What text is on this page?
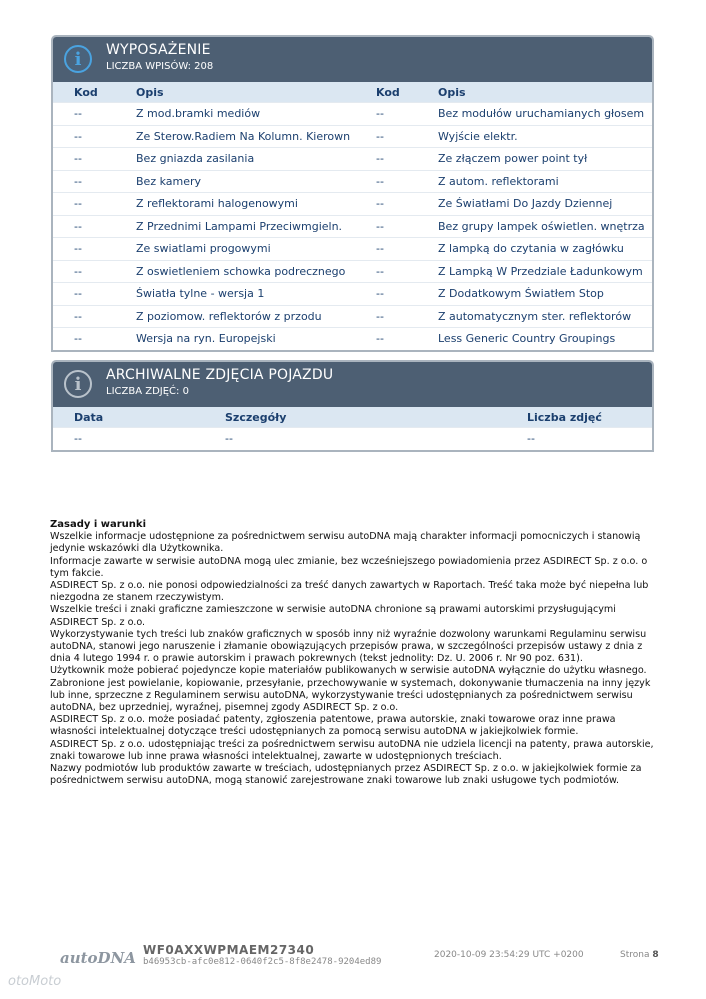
i	WYPOSAŻENIE
LICZBA WPISÓW: 208
Kod	Opis	Kod	Opis
--	Z mod.bramki mediów	--	Bez modułów uruchamianych głosem
--	Ze Sterow.Radiem Na Kolumn. Kierown	--	Wyjście elektr.
--	Bez gniazda zasilania	--	Ze złączem power point tył
--	Bez kamery	--	Z autom. reflektorami
--	Z reflektorami halogenowymi	--	Ze Światłami Do Jazdy Dziennej
--	Z Przednimi Lampami Przeciwmgieln.	--	Bez grupy lampek oświetlen. wnętrza
--	Ze swiatlami progowymi	--	Z lampką do czytania w zagłówku
--	Z oswietleniem schowka podrecznego	--	Z Lampką W Przedziale Ładunkowym
--	Światła tylne - wersja 1	--	Z Dodatkowym Światłem Stop
--	Z poziomow. reflektorów z przodu	--	Z automatycznym ster. reflektorów
--	Wersja na ryn. Europejski	--	Less Generic Country Groupings
i	ARCHIWALNE ZDJĘCIA POJAZDU
LICZBA ZDJĘĆ: 0
Data	Szczegóły	Liczba zdjęć
--	--	--
Zasady i warunki

Wszelkie informacje udostępnione za pośrednictwem serwisu autoDNA mają charakter informacji pomocniczych i stanowią jedynie wskazówki dla Użytkownika.

Informacje zawarte w serwisie autoDNA mogą ulec zmianie, bez wcześniejszego powiadomienia przez ASDIRECT Sp. z o.o. o tym fakcie.

ASDIRECT Sp. z o.o. nie ponosi odpowiedzialności za treść danych zawartych w Raportach. Treść taka może być niepełna lub niezgodna ze stanem rzeczywistym.

Wszelkie treści i znaki graficzne zamieszczone w serwisie autoDNA chronione są prawami autorskimi przysługującymi ASDIRECT Sp. z o.o.

Wykorzystywanie tych treści lub znaków graficznych w sposób inny niż wyraźnie dozwolony warunkami Regulaminu serwisu autoDNA, stanowi jego naruszenie i złamanie obowiązujących przepisów prawa, w szczególności przepisów ustawy z dnia z dnia 4 lutego 1994 r. o prawie autorskim i prawach pokrewnych (tekst jednolity: Dz. U. 2006 r. Nr 90 poz. 631).

Użytkownik może pobierać pojedyncze kopie materiałów publikowanych w serwisie autoDNA wyłącznie do użytku własnego.

Zabronione jest powielanie, kopiowanie, przesyłanie, przechowywanie w systemach, dokonywanie tłumaczenia na inny język lub inne, sprzeczne z Regulaminem serwisu autoDNA, wykorzystywanie treści udostępnianych za pośrednictwem serwisu autoDNA, bez uprzedniej, wyraźnej, pisemnej zgody ASDIRECT Sp. z o.o.

ASDIRECT Sp. z o.o. może posiadać patenty, zgłoszenia patentowe, prawa autorskie, znaki towarowe oraz inne prawa własności intelektualnej dotyczące treści udostępnianych za pomocą serwisu autoDNA w jakiejkolwiek formie.

ASDIRECT Sp. z o.o. udostępniając treści za pośrednictwem serwisu autoDNA nie udziela licencji na patenty, prawa autorskie, znaki towarowe lub inne prawa własności intelektualnej, zawarte w udostępnionych treściach.

Nazwy podmiotów lub produktów zawarte w treściach, udostępnianych przez ASDIRECT Sp. z o.o. w jakiejkolwiek formie za pośrednictwem serwisu autoDNA, mogą stanowić zarejestrowane znaki towarowe lub znaki usługowe tych podmiotów.

autoDNA WF0AXXWPMAEM27340
b46953cb-afc0e812-0640f2c5-8f8e2478-9204ed89
2020-10-09 23:54:29 UTC +0200	Strona 8
otoMoto
